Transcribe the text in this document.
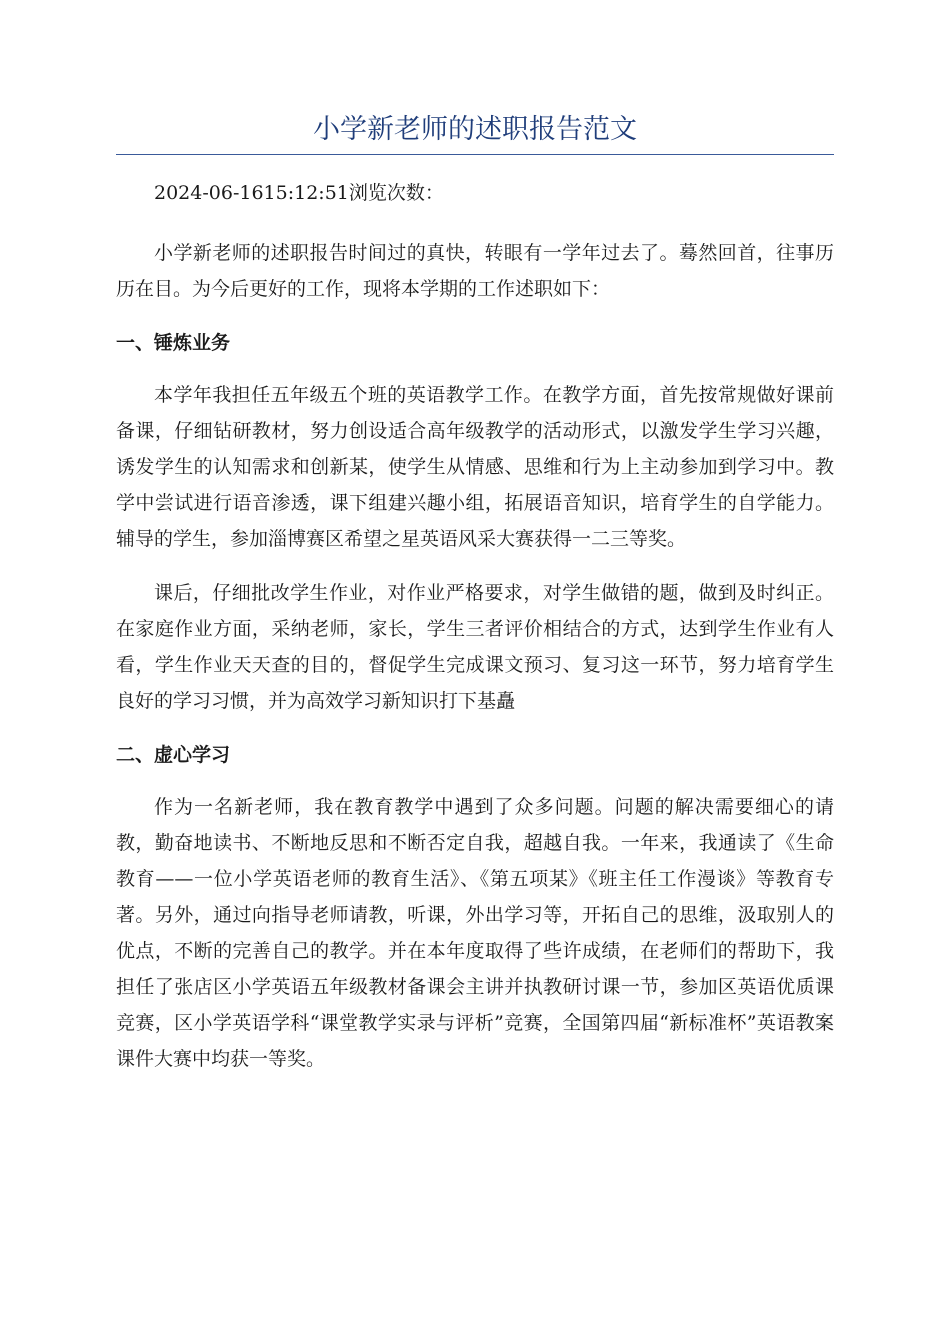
小学新老师的述职报告范文

2024-06-1615:12:51浏览次数：

小学新老师的述职报告时间过的真快，转眼有一学年过去了。蓦然回首，往事历历在目。为今后更好的工作，现将本学期的工作述职如下：

一、锤炼业务

本学年我担任五年级五个班的英语教学工作。在教学方面，首先按常规做好课前备课，仔细钻研教材，努力创设适合高年级教学的活动形式，以激发学生学习兴趣，诱发学生的认知需求和创新某，使学生从情感、思维和行为上主动参加到学习中。教学中尝试进行语音渗透，课下组建兴趣小组，拓展语音知识，培育学生的自学能力。辅导的学生，参加淄博赛区希望之星英语风采大赛获得一二三等奖。

课后，仔细批改学生作业，对作业严格要求，对学生做错的题，做到及时纠正。在家庭作业方面，采纳老师，家长，学生三者评价相结合的方式，达到学生作业有人看，学生作业天天查的目的，督促学生完成课文预习、复习这一环节，努力培育学生良好的学习习惯，并为高效学习新知识打下基矗

二、虚心学习

作为一名新老师，我在教育教学中遇到了众多问题。问题的解决需要细心的请教，勤奋地读书、不断地反思和不断否定自我，超越自我。一年来，我通读了《生命教育——一位小学英语老师的教育生活》、《第五项某》《班主任工作漫谈》等教育专著。另外，通过向指导老师请教，听课，外出学习等，开拓自己的思维，汲取别人的优点，不断的完善自己的教学。并在本年度取得了些许成绩，在老师们的帮助下，我担任了张店区小学英语五年级教材备课会主讲并执教研讨课一节，参加区英语优质课竞赛，区小学英语学科“课堂教学实录与评析”竞赛，全国第四届“新标准杯”英语教案课件大赛中均获一等奖。
